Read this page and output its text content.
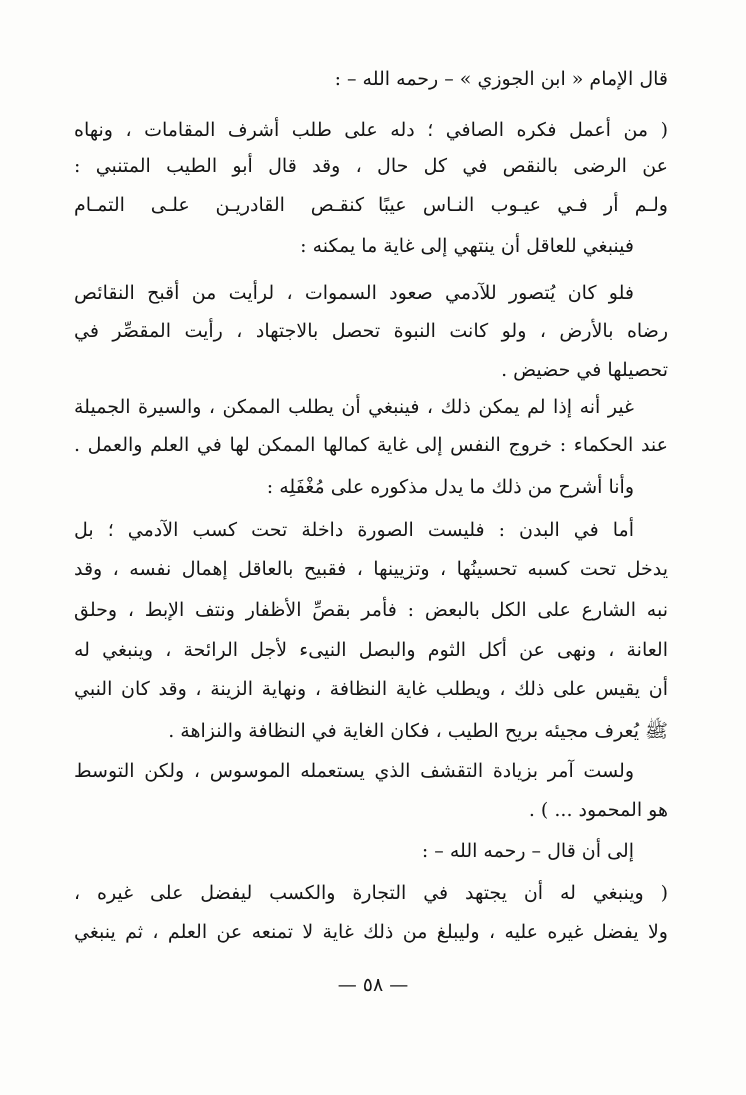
قال الإمام « ابن الجوزي » – رحمه الله – :
( من أعمل فكره الصافي ؛ دله على طلب أشرف المقامات ، ونهاه
عن الرضى بالنقص في كل حال ، وقد قال أبو الطيب المتنبي :
ولـم أر فـي عيـوب النـاس عيبًا
كنقـص القادريـن علـى التمـام
فينبغي للعاقل أن ينتهي إلى غاية ما يمكنه :
فلو كان يُتصور للآدمي صعود السموات ، لرأيت من أقبح النقائص
رضاه بالأرض ، ولو كانت النبوة تحصل بالاجتهاد ، رأيت المقصِّر في
تحصيلها في حضيض .
غير أنه إذا لم يمكن ذلك ، فينبغي أن يطلب الممكن ، والسيرة الجميلة
عند الحكماء : خروج النفس إلى غاية كمالها الممكن لها في العلم والعمل .
وأنا أشرح من ذلك ما يدل مذكوره على مُغْفَلِه :
أما في البدن : فليست الصورة داخلة تحت كسب الآدمي ؛ بل
يدخل تحت كسبه تحسينُها ، وتزيينها ، فقبيح بالعاقل إهمال نفسه ، وقد
نبه الشارع على الكل بالبعض : فأمر بقصِّ الأظفار ونتف الإبط ، وحلق
العانة ، ونهى عن أكل الثوم والبصل النيىء لأجل الرائحة ، وينبغي له
أن يقيس على ذلك ، ويطلب غاية النظافة ، ونهاية الزينة ، وقد كان النبي
ﷺ يُعرف مجيئه بريح الطيب ، فكان الغاية في النظافة والنزاهة .
ولست آمر بزيادة التقشف الذي يستعمله الموسوس ، ولكن التوسط
هو المحمود ... ) .
إلى أن قال – رحمه الله – :
( وينبغي له أن يجتهد في التجارة والكسب ليفضل على غيره ،
ولا يفضل غيره عليه ، وليبلغ من ذلك غاية لا تمنعه عن العلم ، ثم ينبغي
— ٥٨ —
